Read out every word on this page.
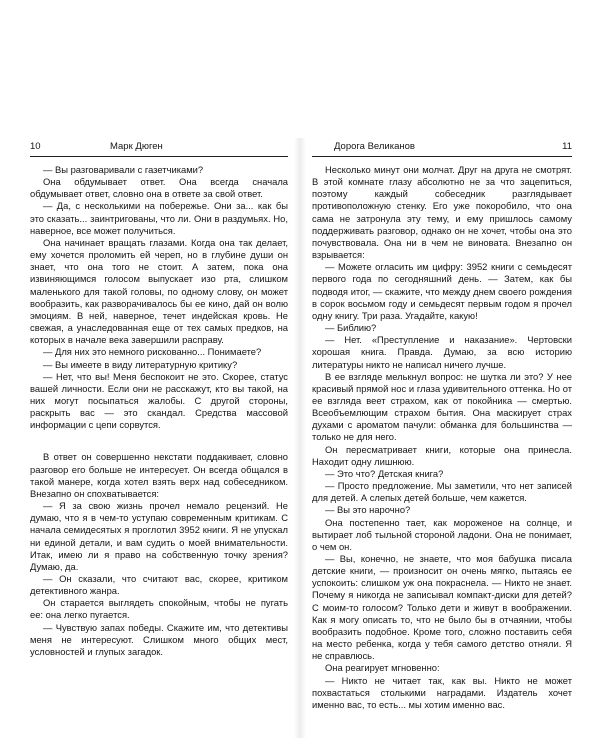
10	Марк Дюген

— Вы разговаривали с газетчиками?

Она обдумывает ответ. Она всегда сначала обдумывает ответ, словно она в ответе за свой ответ.

— Да, с несколькими на побережье. Они за... как бы это сказать... заинтригованы, что ли. Они в раздумьях. Но, наверное, все может получиться.

Она начинает вращать глазами. Когда она так делает, ему хочется проломить ей череп, но в глубине души он знает, что она того не стоит. А затем, пока она извиняющимся голосом выпускает изо рта, слишком маленького для такой головы, по одному слову, он может вообразить, как разворачивалось бы ее кино, дай он волю эмоциям. В ней, наверное, течет индейская кровь. Не свежая, а унаследованная еще от тех самых предков, на которых в начале века завершили расправу.

— Для них это немного рискованно... Понимаете?

— Вы имеете в виду литературную критику?

— Нет, что вы! Меня беспокоит не это. Скорее, статус вашей личности. Если они не расскажут, кто вы такой, на них могут посыпаться жалобы. С другой стороны, раскрыть вас — это скандал. Средства массовой информации с цепи сорвутся.

В ответ он совершенно некстати поддакивает, словно разговор его больше не интересует. Он всегда общался в такой манере, когда хотел взять верх над собеседником. Внезапно он спохватывается:

— Я за свою жизнь прочел немало рецензий. Не думаю, что я в чем-то уступаю современным критикам. С начала семидесятых я проглотил 3952 книги. Я не упускал ни единой детали, и вам судить о моей внимательности. Итак, имею ли я право на собственную точку зрения? Думаю, да.

— Он сказали, что считают вас, скорее, критиком детективного жанра.

Он старается выглядеть спокойным, чтобы не пугать ее: она легко пугается.

— Чувствую запах победы. Скажите им, что детективы меня не интересуют. Слишком много общих мест, условностей и глупых загадок.

Дорога Великанов	11

Несколько минут они молчат. Друг на друга не смотрят. В этой комнате глазу абсолютно не за что зацепиться, поэтому каждый собеседник разглядывает противоположную стенку. Его уже покоробило, что она сама не затронула эту тему, и ему пришлось самому поддерживать разговор, однако он не хочет, чтобы она это почувствовала. Она ни в чем не виновата. Внезапно он взрывается:

— Можете огласить им цифру: 3952 книги с семьдесят первого года по сегодняшний день. — Затем, как бы подводя итог, — скажите, что между днем своего рождения в сорок восьмом году и семьдесят первым годом я прочел одну книгу. Три раза. Угадайте, какую!

— Библию?

— Нет. «Преступление и наказание». Чертовски хорошая книга. Правда. Думаю, за всю историю литературы никто не написал ничего лучше.

В ее взгляде мелькнул вопрос: не шутка ли это? У нее красивый прямой нос и глаза удивительного оттенка. Но от ее взгляда веет страхом, как от покойника — смертью. Всеобъемлющим страхом бытия. Она маскирует страх духами с ароматом пачули: обманка для большинства — только не для него.

Он пересматривает книги, которые она принесла. Находит одну лишнюю.

— Это что? Детская книга?

— Просто предложение. Мы заметили, что нет записей для детей. А слепых детей больше, чем кажется.

— Вы это нарочно?

Она постепенно тает, как мороженое на солнце, и вытирает лоб тыльной стороной ладони. Она не понимает, о чем он.

— Вы, конечно, не знаете, что моя бабушка писала детские книги, — произносит он очень мягко, пытаясь ее успокоить: слишком уж она покраснела. — Никто не знает. Почему я никогда не записывал компакт-диски для детей? С моим-то голосом? Только дети и живут в воображении. Как я могу описать то, что не было бы в отчаянии, чтобы вообразить подобное. Кроме того, сложно поставить себя на место ребенка, когда у тебя самого детство отняли. Я не справлюсь.

Она реагирует мгновенно:

— Никто не читает так, как вы. Никто не может похвастаться столькими наградами. Издатель хочет именно вас, то есть... мы хотим именно вас.
